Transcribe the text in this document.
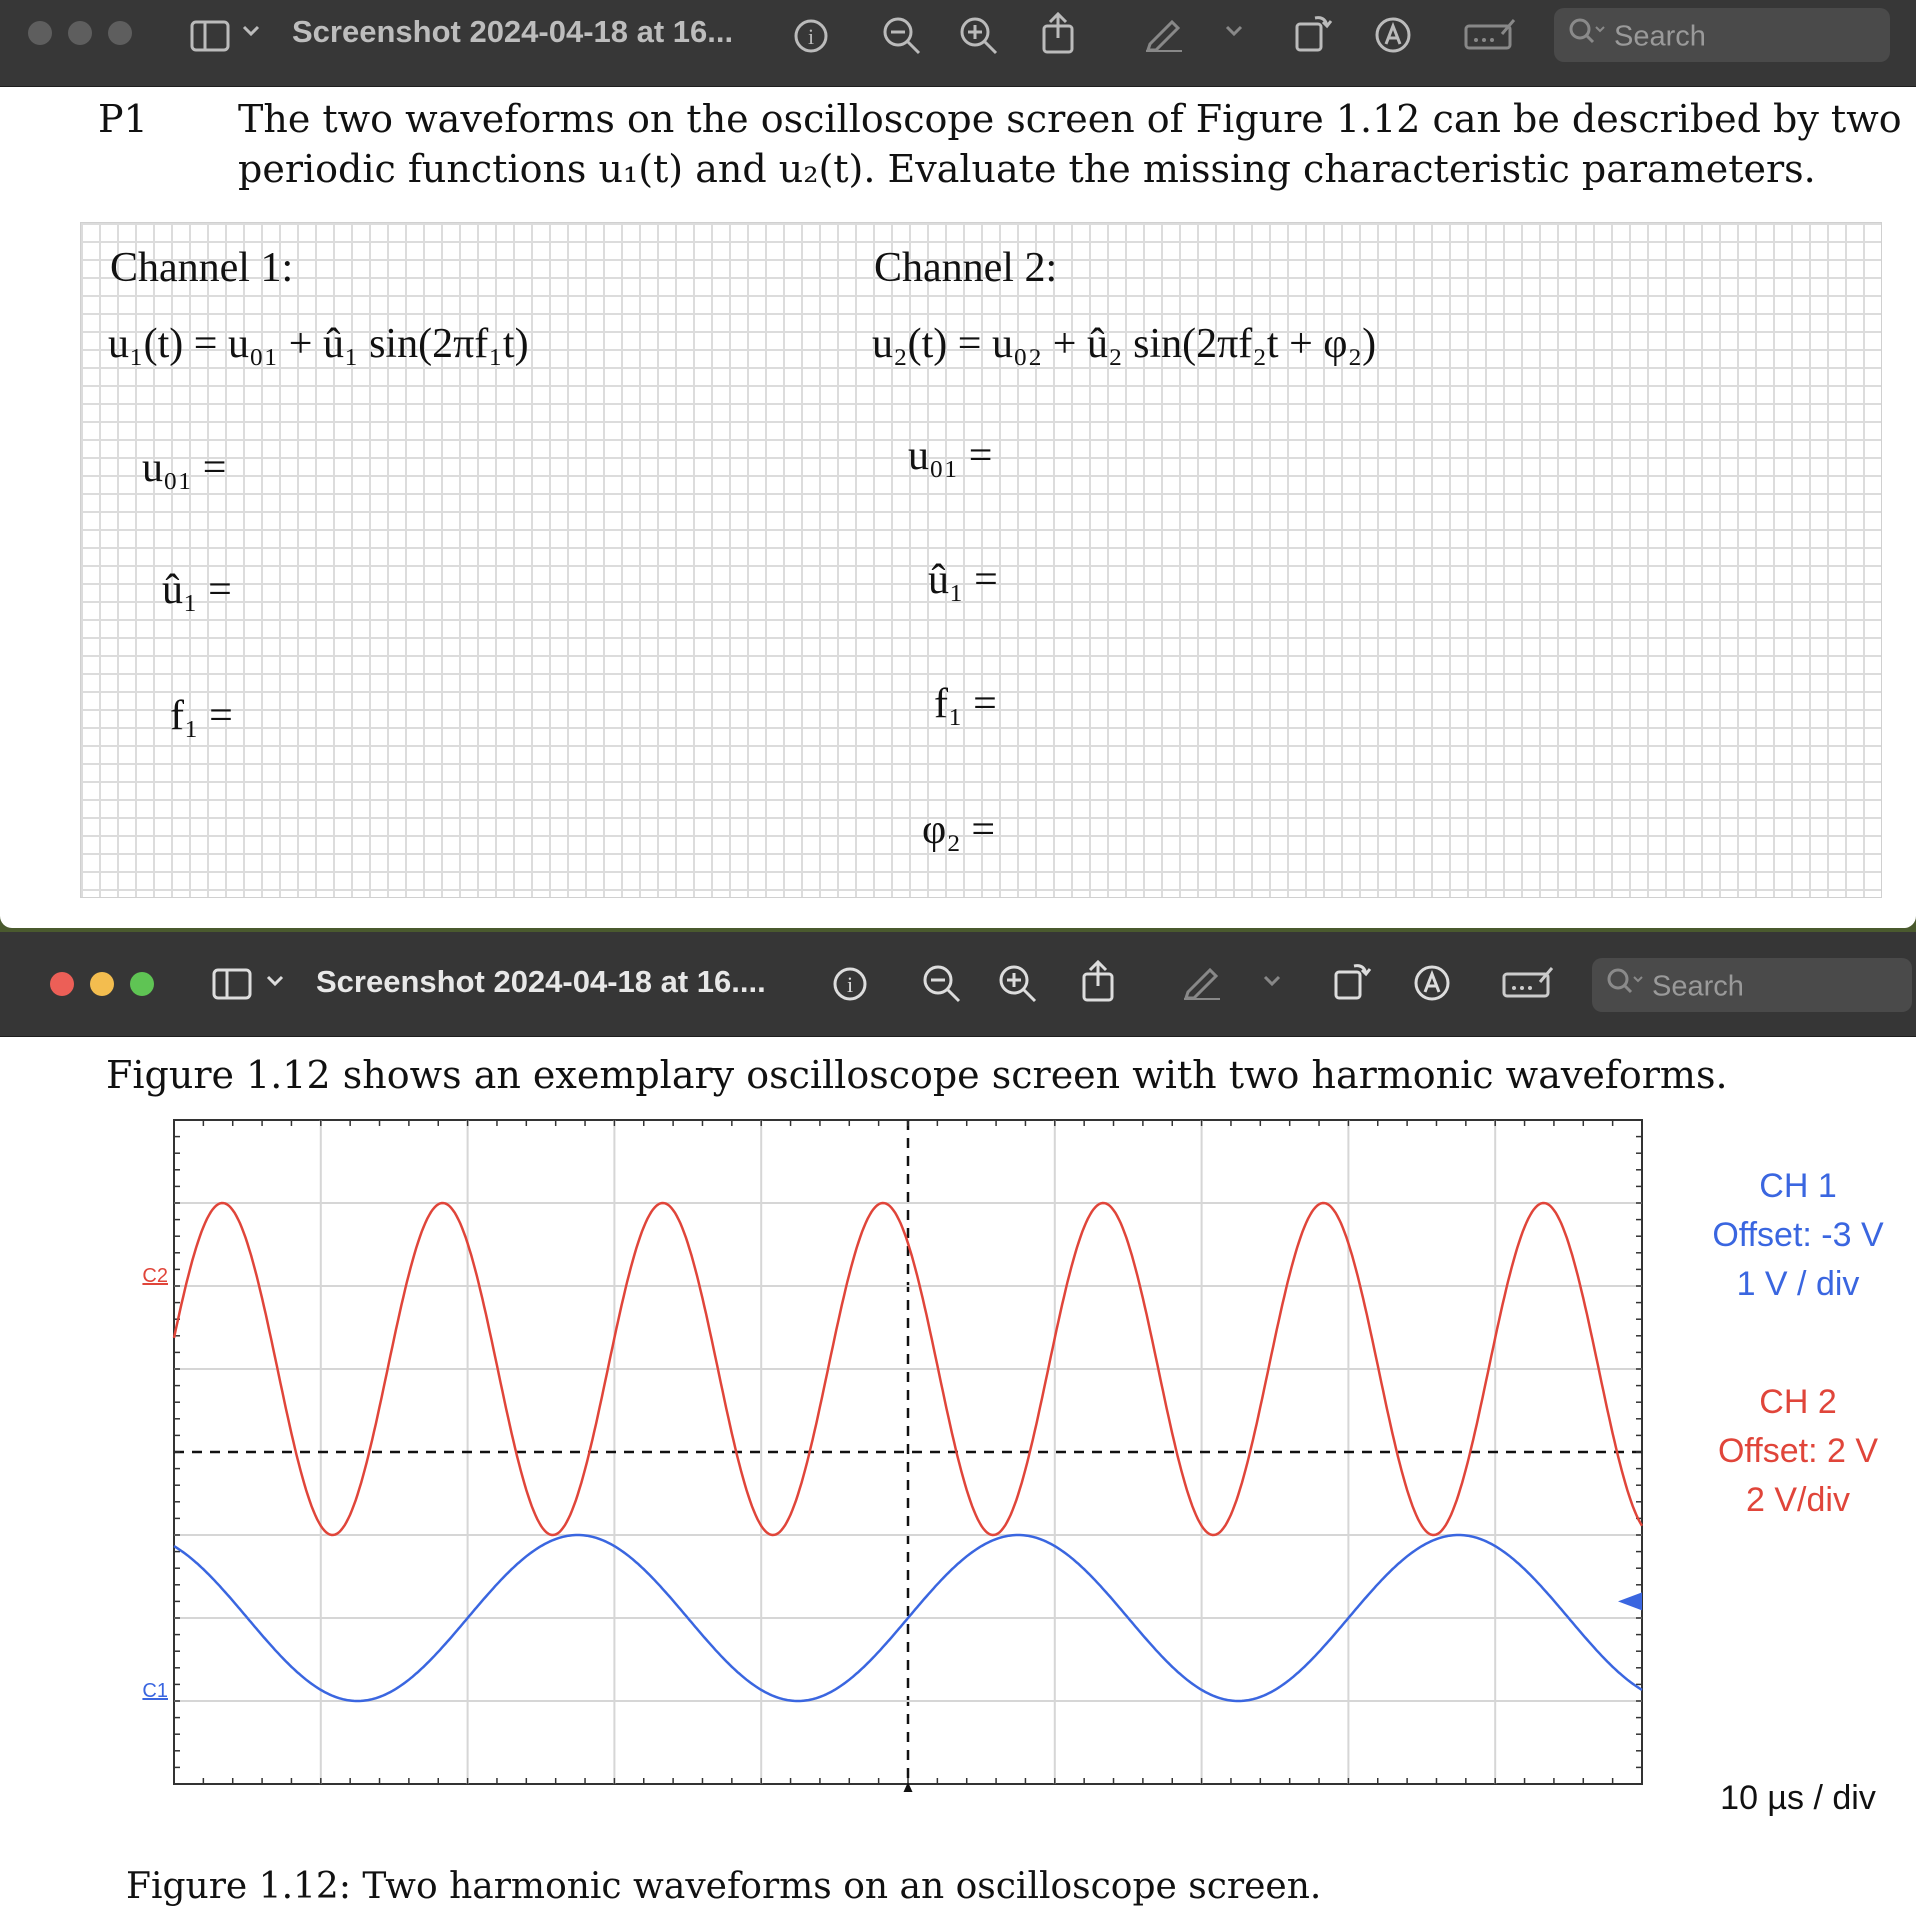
Screenshot 2024-04-18 at 16...	i	Search
P1 The two waveforms on the oscilloscope screen of Figure 1.12 can be described by two
periodic functions u₁(t) and u₂(t). Evaluate the missing characteristic parameters.
Channel 1:
u₁(t) = u₀₁ + û₁ sin(2πf₁t)
u₀₁ =
û₁ =
f₁ =
Channel 2:
u₂(t) = u₀₂ + û₂ sin(2πf₂t + φ₂)
u₀₁ =
û₁ =
f₁ =
φ₂ =
Screenshot 2024-04-18 at 16....	i	Search
Figure 1.12 shows an exemplary oscilloscope screen with two harmonic waveforms.
C1
C2
CH 1
Offset: -3 V
1 V / div
CH 2
Offset: 2 V
2 V/div
10 µs / div
Figure 1.12: Two harmonic waveforms on an oscilloscope screen.
